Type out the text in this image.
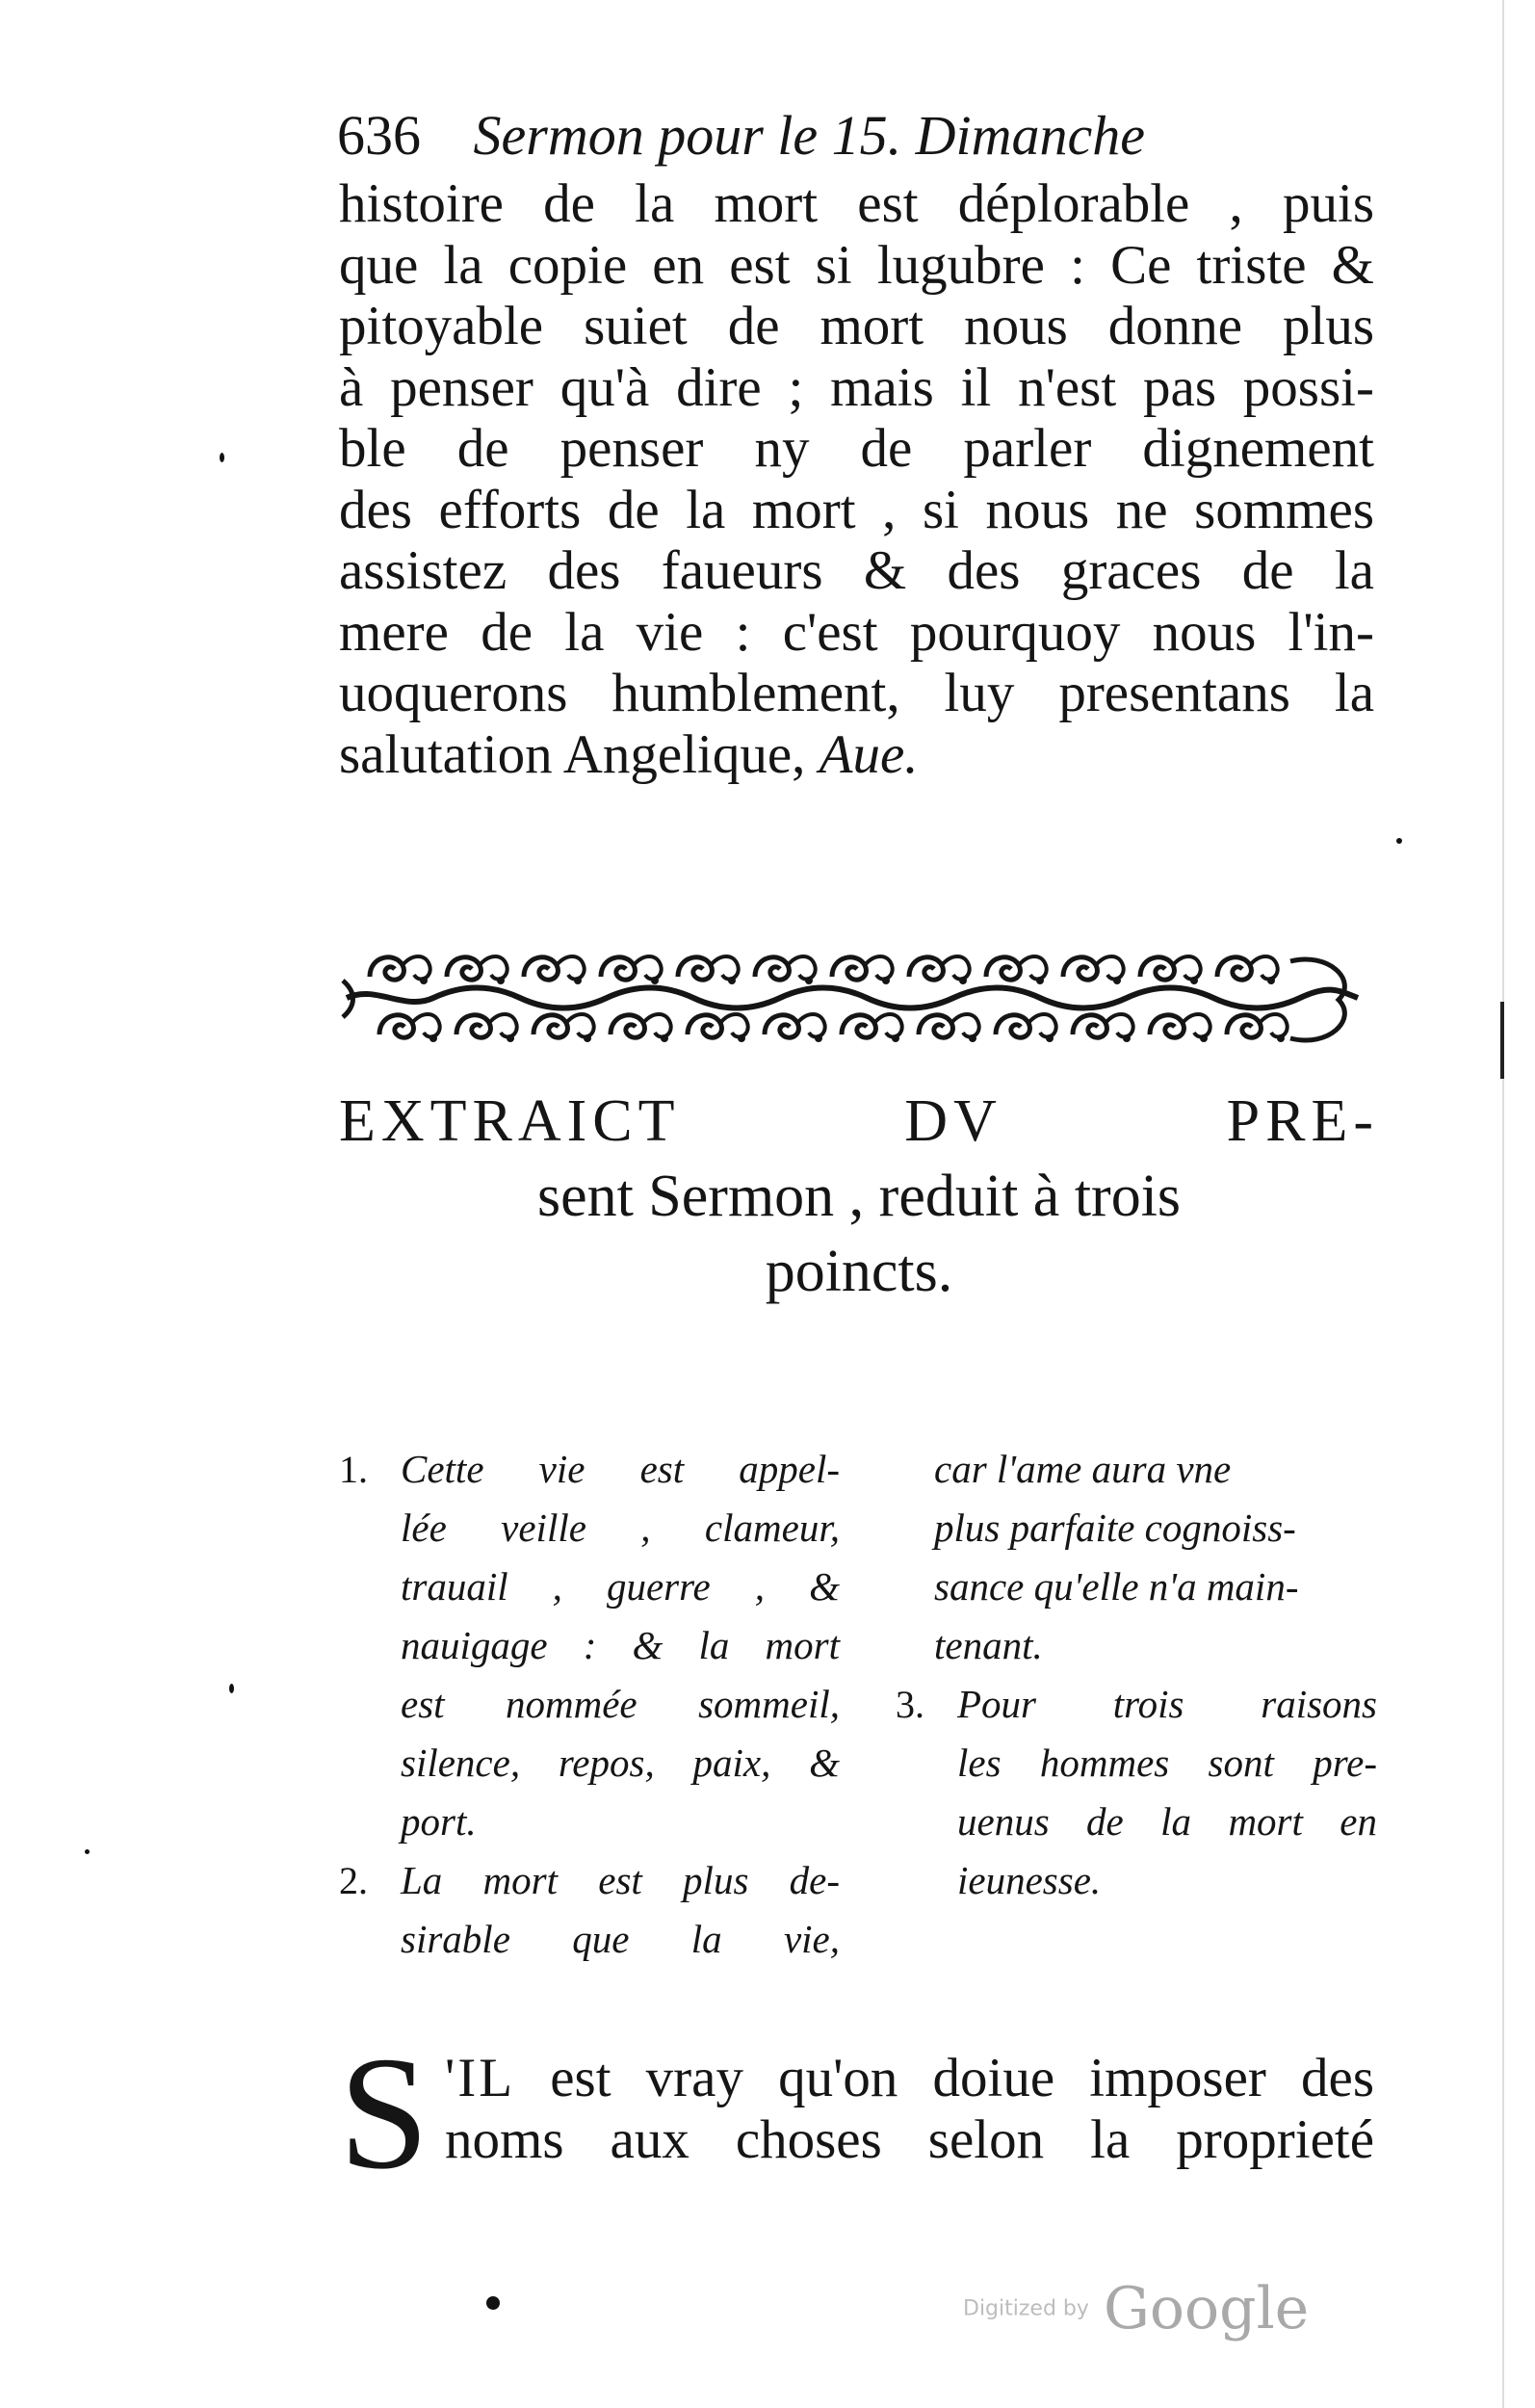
636 Sermon pour le 15. Dimanche
histoire de la mort est déplorable , puis
que la copie en est si lugubre : Ce triste &
pitoyable suiet de mort nous donne plus
à penser qu'à dire ; mais il n'est pas possi-
ble de penser ny de parler dignement
des efforts de la mort , si nous ne sommes
assistez des faueurs & des graces de la
mere de la vie : c'est pourquoy nous l'in-
uoquerons humblement, luy presentans la
salutation Angelique, Aue.
EXTRAICT DV PRE-
sent Sermon , reduit à trois
poincts.
1. Cette vie est appel-
lée veille , clameur,
trauail , guerre , &
nauigage : & la mort
est nommée sommeil,
silence, repos, paix, &
port.
2. La mort est plus de-
sirable que la vie,
car l'ame aura vne
plus parfaite cognoiss-
sance qu'elle n'a main-
tenant.
3. Pour trois raisons
les hommes sont pre-
uenus de la mort en
ieunesse.
S 'IL est vray qu'on doiue imposer des
noms aux choses selon la proprieté
Digitized by Google
